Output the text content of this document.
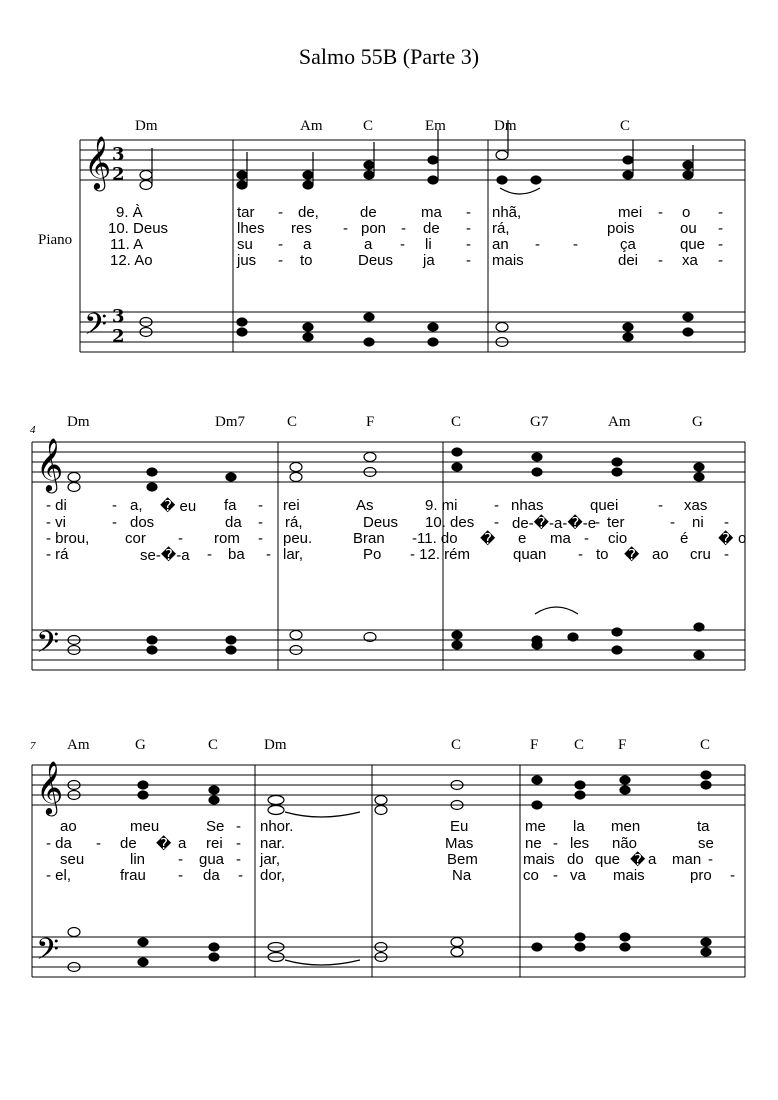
Salmo 55B (Parte 3)
𝄞
𝄢
3
2
3
2
𝄞
𝄢
𝄞
𝄢
Piano
4
7
Dm	Am	C	Em	Dm	C
9. À	tar - de,	de	ma - nhã,	mei - o -
10. Deus	lhes res - pon - de - rá,	pois	ou -
11. A	su - a	a - li - an - -	ça	que -
12. Ao	jus - to	Deus ja - mais	dei - xa -
Dm	Dm7	C	F	C	G7	Am	G
- di	- a, � eu fa - rei	As	9. mi - nhas	quei	- xas
- vi	- dos	da - rá,	Deus 10. des - de-�-a-�-e
- ter	- ni -
- brou, cor - rom - peu.	Bran -11. do � e ma - cio	é � o
- rá	se-�-a - ba - lar,	Po - 12. rém	quan - to � ao cru -
Am	G	C	Dm	C	F C F	C
ao	meu	Se - nhor.	Eu	me la men	ta
- da - de � a rei - nar.	Mas	ne - les não	se
seu	lin - gua - jar,	Bem	mais do que � a man -
- el,	frau - da - dor,	Na	co - va mais	pro -
